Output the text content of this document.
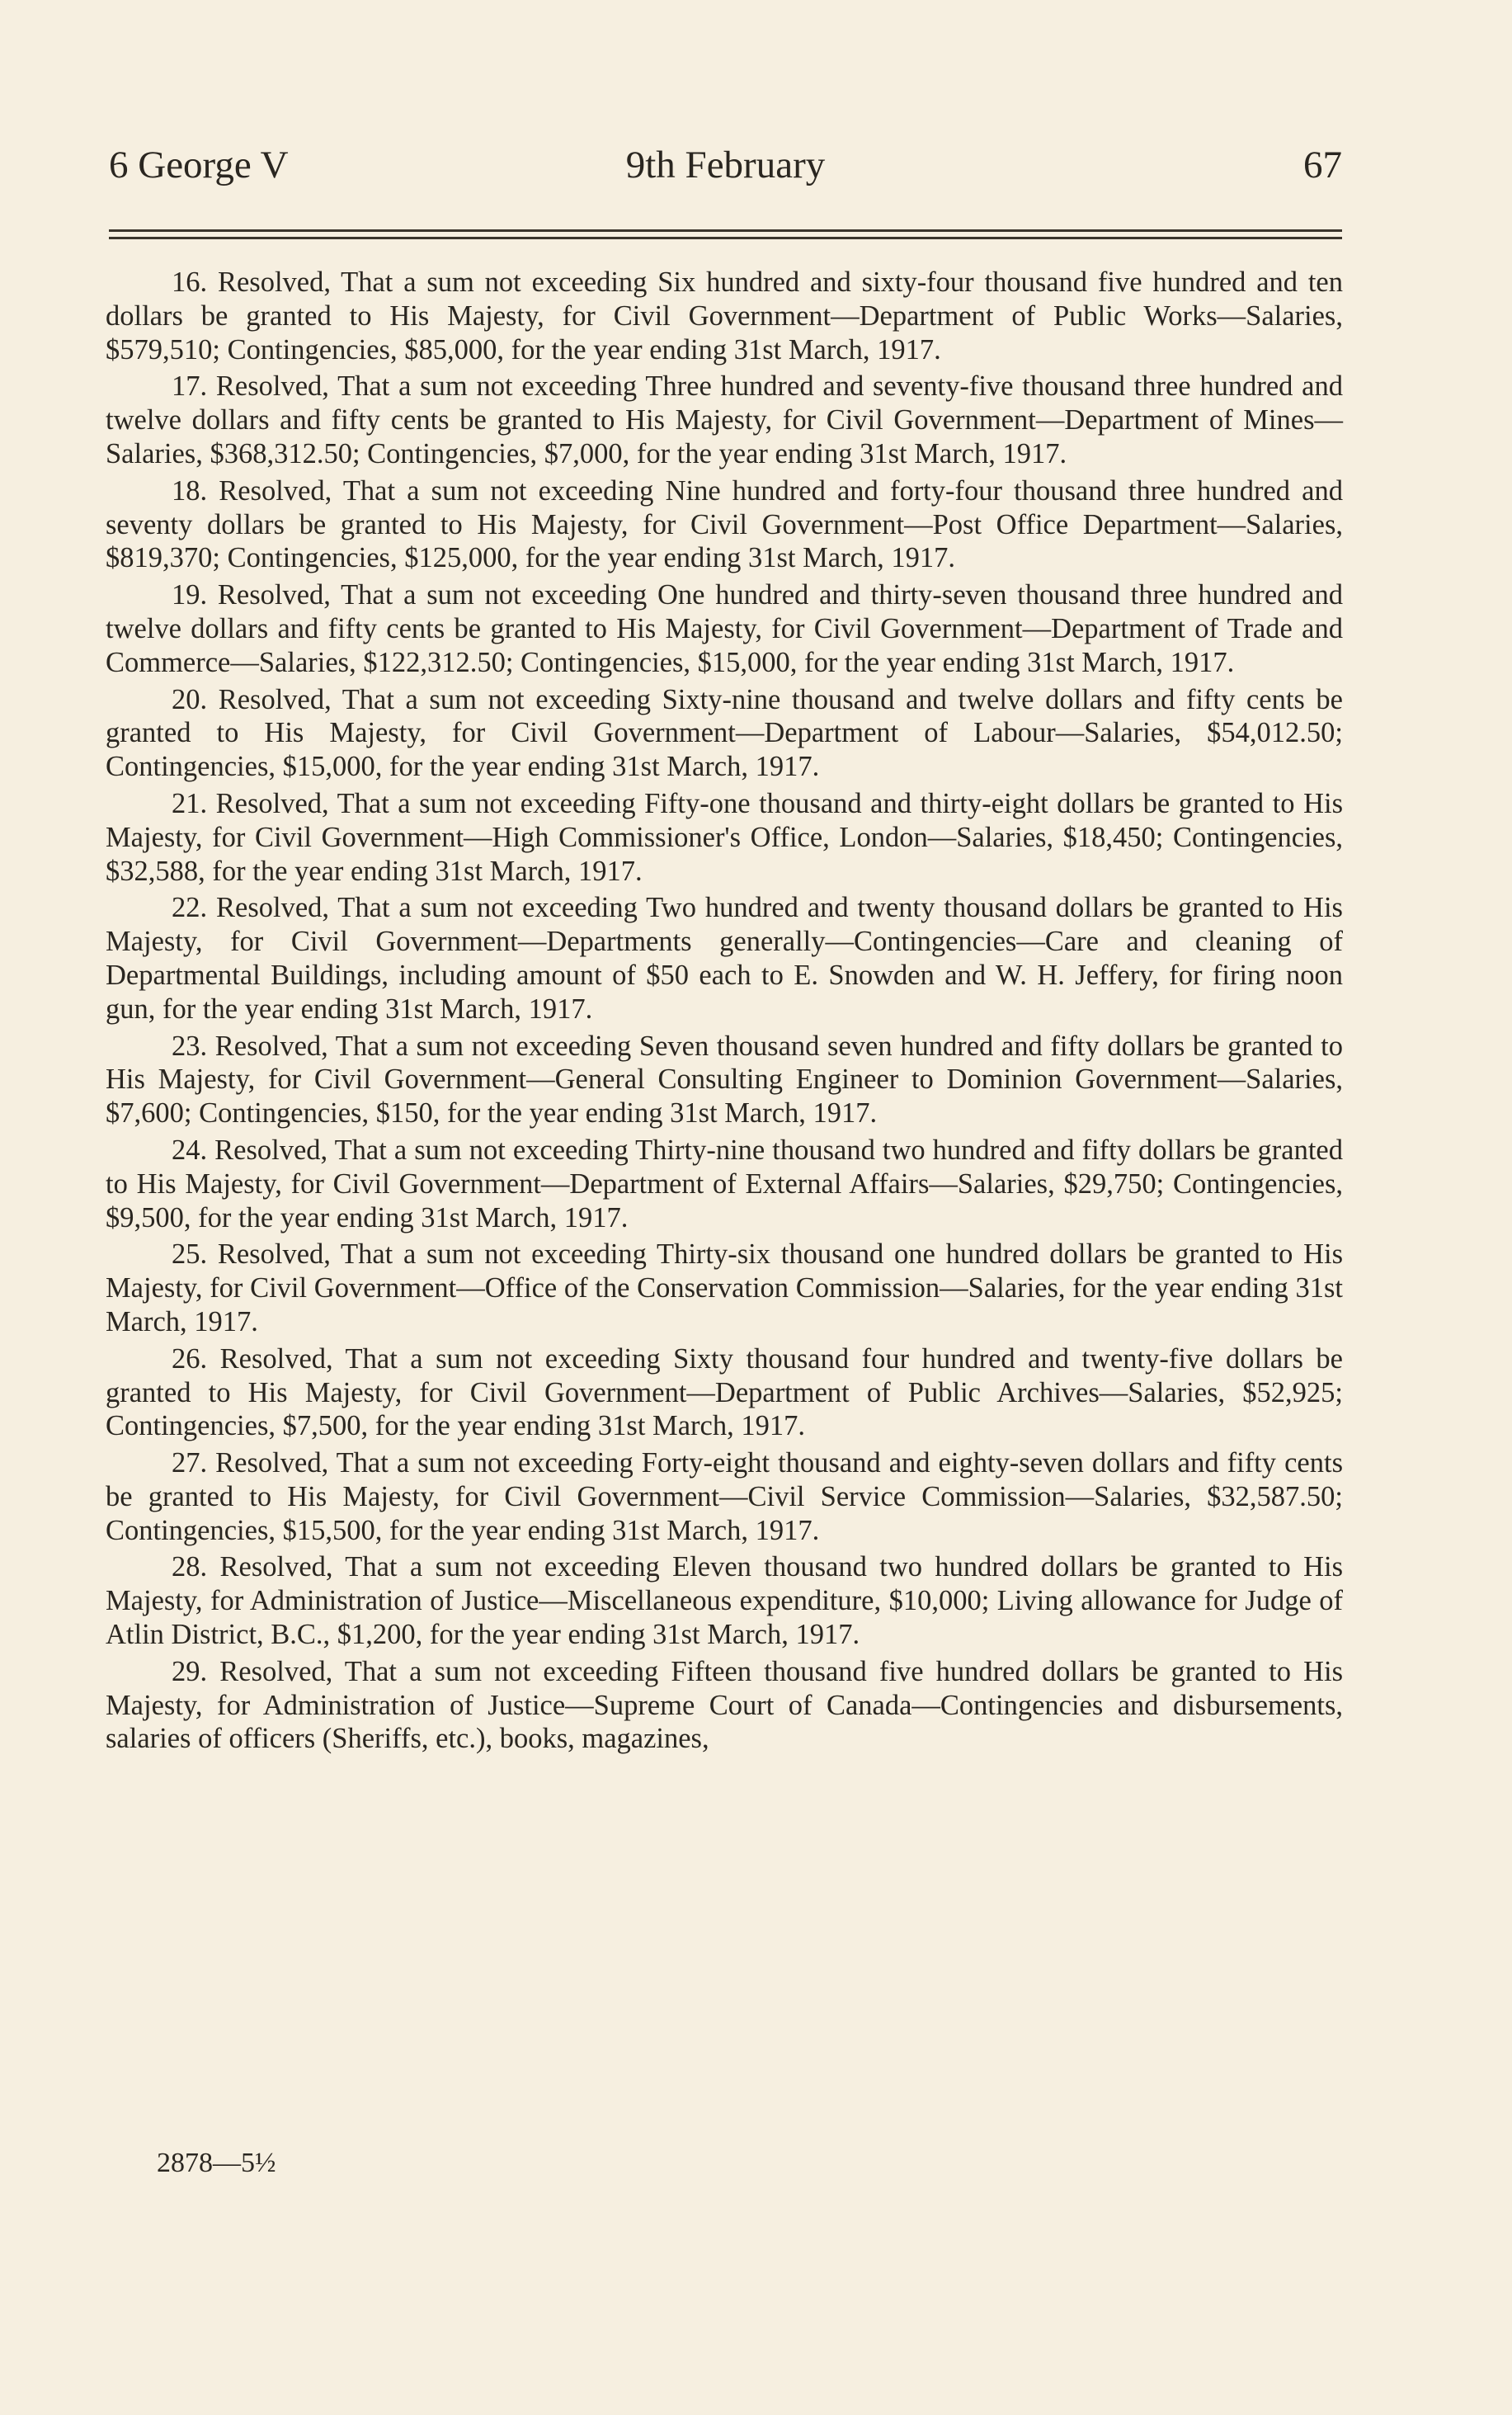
6 George V	9th February	67

16. Resolved, That a sum not exceeding Six hundred and sixty-four thousand five hundred and ten dollars be granted to His Majesty, for Civil Government—Department of Public Works—Salaries, $579,510; Contingencies, $85,000, for the year ending 31st March, 1917.

17. Resolved, That a sum not exceeding Three hundred and seventy-five thousand three hundred and twelve dollars and fifty cents be granted to His Majesty, for Civil Government—Department of Mines—Salaries, $368,312.50; Contingencies, $7,000, for the year ending 31st March, 1917.

18. Resolved, That a sum not exceeding Nine hundred and forty-four thousand three hundred and seventy dollars be granted to His Majesty, for Civil Government—Post Office Department—Salaries, $819,370; Contingencies, $125,000, for the year ending 31st March, 1917.

19. Resolved, That a sum not exceeding One hundred and thirty-seven thousand three hundred and twelve dollars and fifty cents be granted to His Majesty, for Civil Government—Department of Trade and Commerce—Salaries, $122,312.50; Contingencies, $15,000, for the year ending 31st March, 1917.

20. Resolved, That a sum not exceeding Sixty-nine thousand and twelve dollars and fifty cents be granted to His Majesty, for Civil Government—Department of Labour—Salaries, $54,012.50; Contingencies, $15,000, for the year ending 31st March, 1917.

21. Resolved, That a sum not exceeding Fifty-one thousand and thirty-eight dollars be granted to His Majesty, for Civil Government—High Commissioner's Office, London—Salaries, $18,450; Contingencies, $32,588, for the year ending 31st March, 1917.

22. Resolved, That a sum not exceeding Two hundred and twenty thousand dollars be granted to His Majesty, for Civil Government—Departments generally—Contingencies—Care and cleaning of Departmental Buildings, including amount of $50 each to E. Snowden and W. H. Jeffery, for firing noon gun, for the year ending 31st March, 1917.

23. Resolved, That a sum not exceeding Seven thousand seven hundred and fifty dollars be granted to His Majesty, for Civil Government—General Consulting Engineer to Dominion Government—Salaries, $7,600; Contingencies, $150, for the year ending 31st March, 1917.

24. Resolved, That a sum not exceeding Thirty-nine thousand two hundred and fifty dollars be granted to His Majesty, for Civil Government—Department of External Affairs—Salaries, $29,750; Contingencies, $9,500, for the year ending 31st March, 1917.

25. Resolved, That a sum not exceeding Thirty-six thousand one hundred dollars be granted to His Majesty, for Civil Government—Office of the Conservation Commission—Salaries, for the year ending 31st March, 1917.

26. Resolved, That a sum not exceeding Sixty thousand four hundred and twenty-five dollars be granted to His Majesty, for Civil Government—Department of Public Archives—Salaries, $52,925; Contingencies, $7,500, for the year ending 31st March, 1917.

27. Resolved, That a sum not exceeding Forty-eight thousand and eighty-seven dollars and fifty cents be granted to His Majesty, for Civil Government—Civil Service Commission—Salaries, $32,587.50; Contingencies, $15,500, for the year ending 31st March, 1917.

28. Resolved, That a sum not exceeding Eleven thousand two hundred dollars be granted to His Majesty, for Administration of Justice—Miscellaneous expenditure, $10,000; Living allowance for Judge of Atlin District, B.C., $1,200, for the year ending 31st March, 1917.

29. Resolved, That a sum not exceeding Fifteen thousand five hundred dollars be granted to His Majesty, for Administration of Justice—Supreme Court of Canada—Contingencies and disbursements, salaries of officers (Sheriffs, etc.), books, magazines,

2878—5½
